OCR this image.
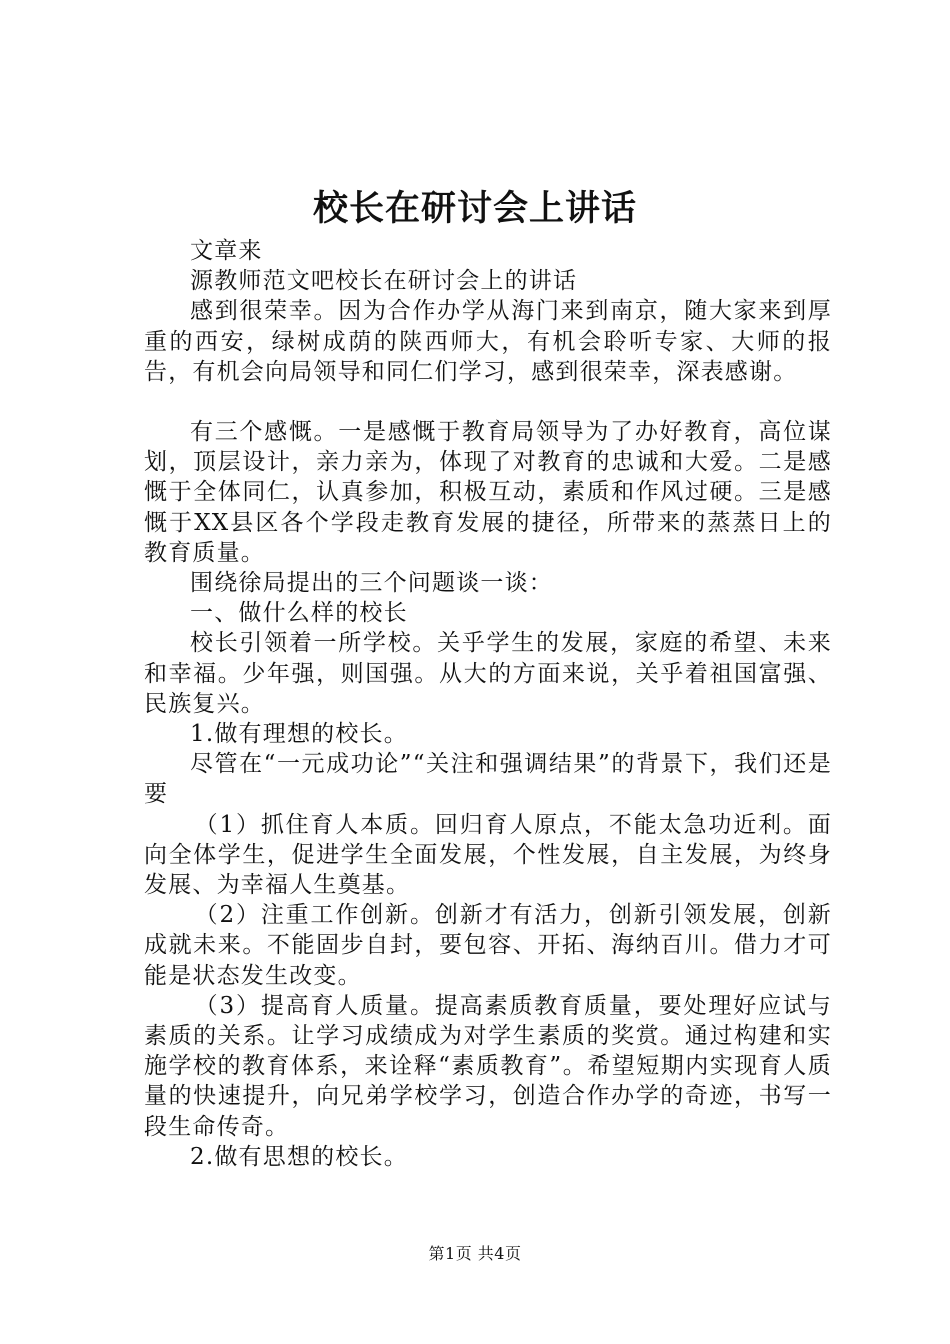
校长在研讨会上讲话

文章来

源教师范文吧校长在研讨会上的讲话

感到很荣幸。因为合作办学从海门来到南京，随大家来到厚重的西安，绿树成荫的陕西师大，有机会聆听专家、大师的报告，有机会向局领导和同仁们学习，感到很荣幸，深表感谢。

有三个感慨。一是感慨于教育局领导为了办好教育，高位谋划，顶层设计，亲力亲为，体现了对教育的忠诚和大爱。二是感慨于全体同仁，认真参加，积极互动，素质和作风过硬。三是感慨于XX县区各个学段走教育发展的捷径，所带来的蒸蒸日上的教育质量。

围绕徐局提出的三个问题谈一谈：

一、做什么样的校长

校长引领着一所学校。关乎学生的发展，家庭的希望、未来和幸福。少年强，则国强。从大的方面来说，关乎着祖国富强、民族复兴。

1.做有理想的校长。

尽管在“一元成功论”“关注和强调结果”的背景下，我们还是要

（1）抓住育人本质。回归育人原点，不能太急功近利。面向全体学生，促进学生全面发展，个性发展，自主发展，为终身发展、为幸福人生奠基。

（2）注重工作创新。创新才有活力，创新引领发展，创新成就未来。不能固步自封，要包容、开拓、海纳百川。借力才可能是状态发生改变。

（3）提高育人质量。提高素质教育质量，要处理好应试与素质的关系。让学习成绩成为对学生素质的奖赏。通过构建和实施学校的教育体系，来诠释“素质教育”。希望短期内实现育人质量的快速提升，向兄弟学校学习，创造合作办学的奇迹，书写一段生命传奇。

2.做有思想的校长。

第1页 共4页
